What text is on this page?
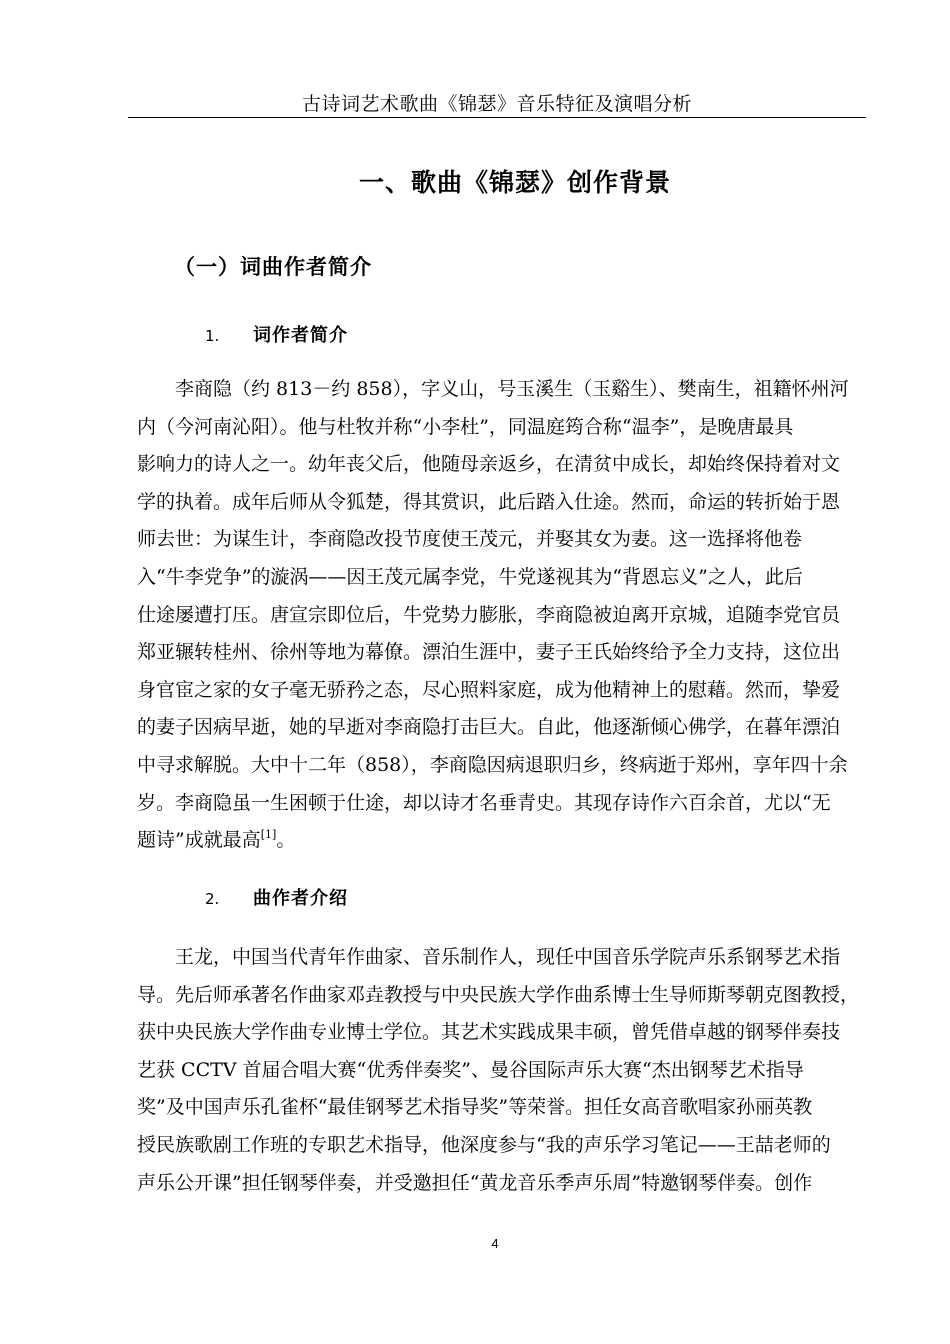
古诗词艺术歌曲《锦瑟》音乐特征及演唱分析
一、歌曲《锦瑟》创作背景
（一）词曲作者简介
1. 词作者简介
李商隐（约 813－约 858），字义山，号玉溪生（玉谿生）、樊南生，祖籍怀州河
内（今河南沁阳）。他与杜牧并称“小李杜”，同温庭筠合称“温李”，是晚唐最具
影响力的诗人之一。幼年丧父后，他随母亲返乡，在清贫中成长，却始终保持着对文
学的执着。成年后师从令狐楚，得其赏识，此后踏入仕途。然而，命运的转折始于恩
师去世：为谋生计，李商隐改投节度使王茂元，并娶其女为妻。这一选择将他卷
入“牛李党争”的漩涡——因王茂元属李党，牛党遂视其为“背恩忘义”之人，此后
仕途屡遭打压。唐宣宗即位后，牛党势力膨胀，李商隐被迫离开京城，追随李党官员
郑亚辗转桂州、徐州等地为幕僚。漂泊生涯中，妻子王氏始终给予全力支持，这位出
身官宦之家的女子毫无骄矜之态，尽心照料家庭，成为他精神上的慰藉。然而，挚爱
的妻子因病早逝，她的早逝对李商隐打击巨大。自此，他逐渐倾心佛学，在暮年漂泊
中寻求解脱。大中十二年（858），李商隐因病退职归乡，终病逝于郑州，享年四十余
岁。李商隐虽一生困顿于仕途，却以诗才名垂青史。其现存诗作六百余首，尤以“无
题诗”成就最高[1]。
2. 曲作者介绍
王龙，中国当代青年作曲家、音乐制作人，现任中国音乐学院声乐系钢琴艺术指
导。先后师承著名作曲家邓垚教授与中央民族大学作曲系博士生导师斯琴朝克图教授，
获中央民族大学作曲专业博士学位。其艺术实践成果丰硕，曾凭借卓越的钢琴伴奏技
艺获 CCTV 首届合唱大赛“优秀伴奏奖”、曼谷国际声乐大赛“杰出钢琴艺术指导
奖”及中国声乐孔雀杯“最佳钢琴艺术指导奖”等荣誉。担任女高音歌唱家孙丽英教
授民族歌剧工作班的专职艺术指导，他深度参与“我的声乐学习笔记——王喆老师的
声乐公开课”担任钢琴伴奏，并受邀担任“黄龙音乐季声乐周”特邀钢琴伴奏。创作
4
